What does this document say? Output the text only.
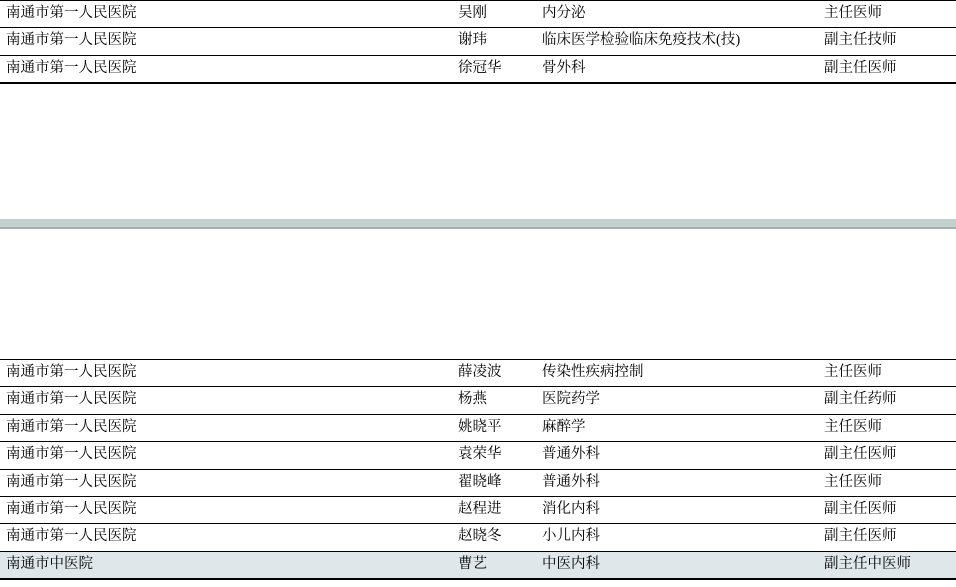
南通市第一人民医院	吴刚	内分泌	主任医师
南通市第一人民医院	谢玮	临床医学检验临床免疫技术(技)	副主任技师
南通市第一人民医院	徐冠华	骨外科	副主任医师
南通市第一人民医院	薛凌波	传染性疾病控制	主任医师
南通市第一人民医院	杨燕	医院药学	副主任药师
南通市第一人民医院	姚晓平	麻醉学	主任医师
南通市第一人民医院	袁荣华	普通外科	副主任医师
南通市第一人民医院	翟晓峰	普通外科	主任医师
南通市第一人民医院	赵程进	消化内科	副主任医师
南通市第一人民医院	赵晓冬	小儿内科	副主任医师
南通市中医院	曹艺	中医内科	副主任中医师
